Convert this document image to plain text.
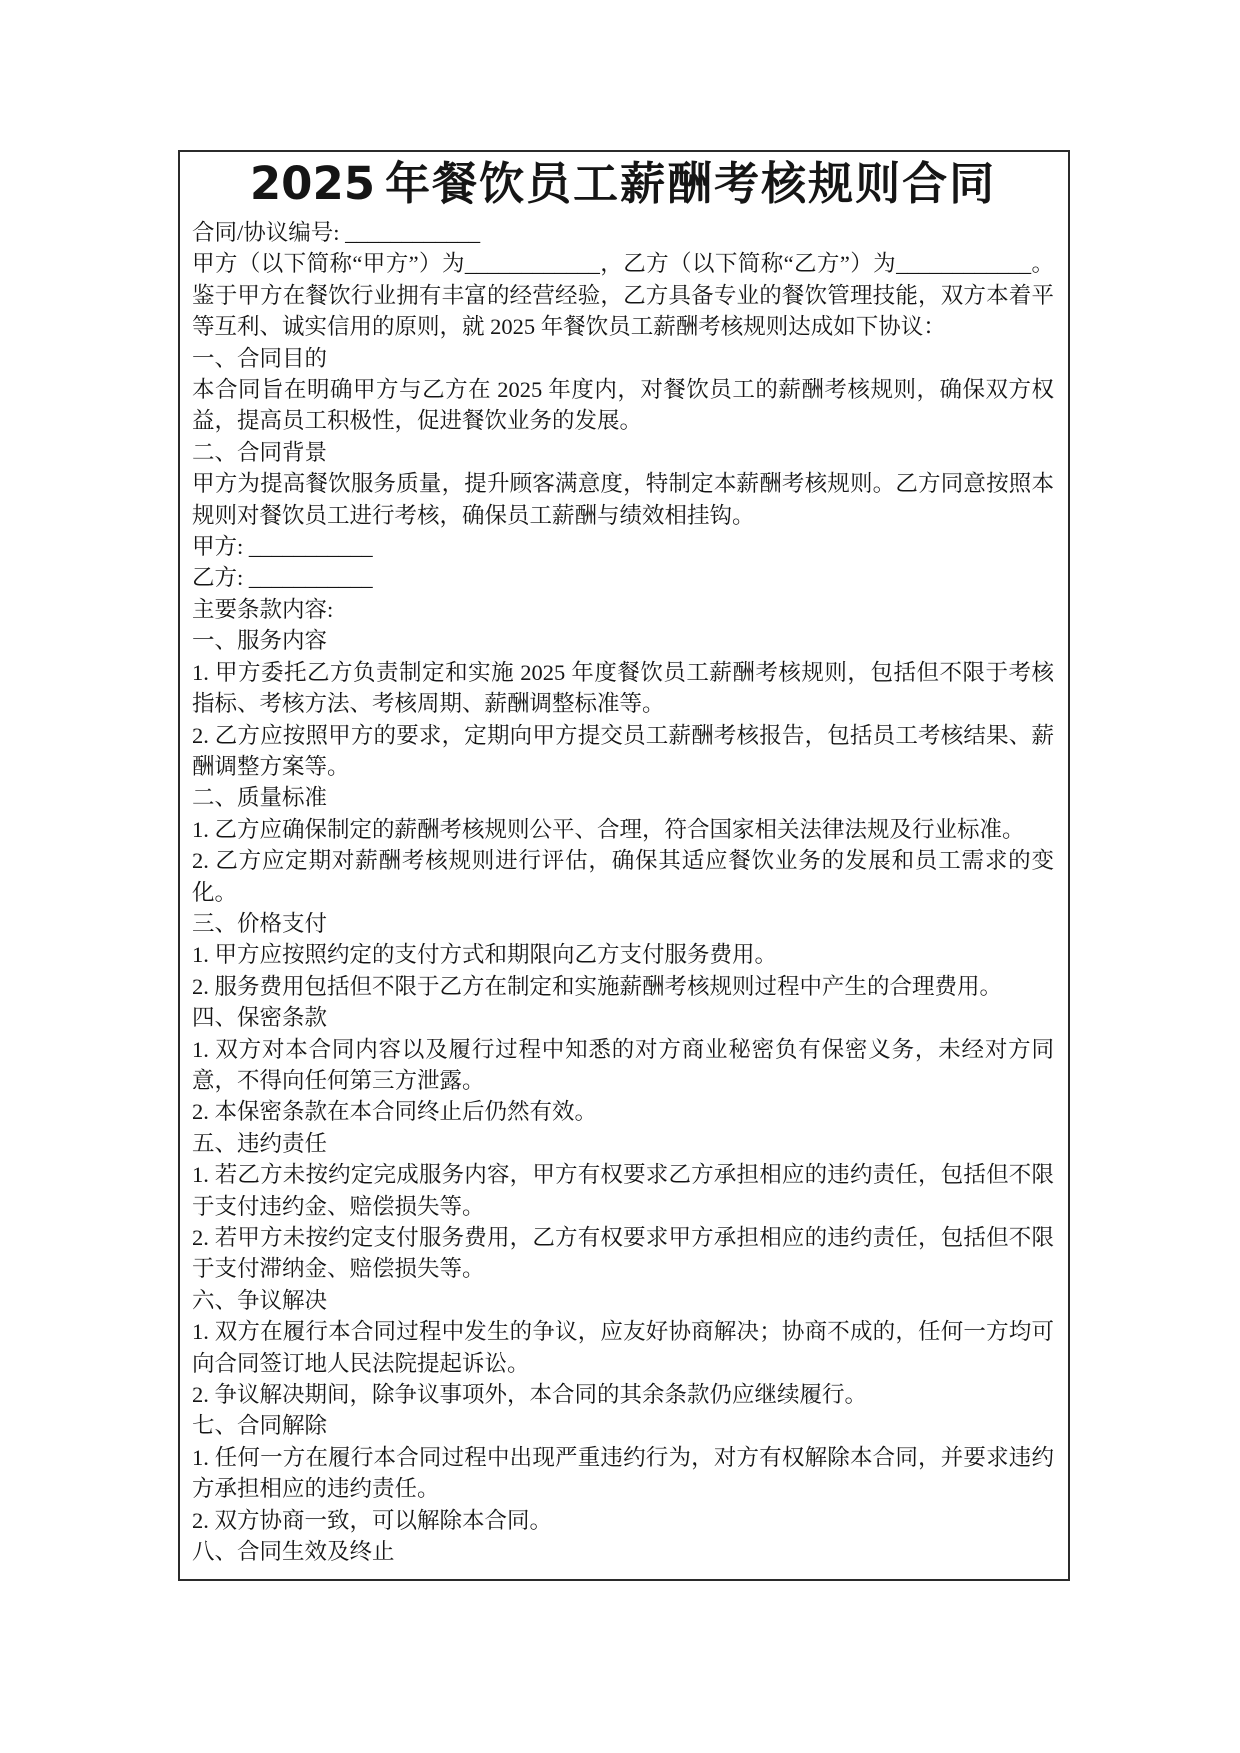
2025 年餐饮员工薪酬考核规则合同

合同/协议编号: ____________

甲方（以下简称“甲方”）为____________，乙方（以下简称“乙方”）为____________。鉴于甲方在餐饮行业拥有丰富的经营经验，乙方具备专业的餐饮管理技能，双方本着平等互利、诚实信用的原则，就 2025 年餐饮员工薪酬考核规则达成如下协议：

一、合同目的

本合同旨在明确甲方与乙方在 2025 年度内，对餐饮员工的薪酬考核规则，确保双方权益，提高员工积极性，促进餐饮业务的发展。

二、合同背景

甲方为提高餐饮服务质量，提升顾客满意度，特制定本薪酬考核规则。乙方同意按照本规则对餐饮员工进行考核，确保员工薪酬与绩效相挂钩。

甲方: ___________

乙方: ___________

主要条款内容:

一、服务内容

1. 甲方委托乙方负责制定和实施 2025 年度餐饮员工薪酬考核规则，包括但不限于考核指标、考核方法、考核周期、薪酬调整标准等。

2. 乙方应按照甲方的要求，定期向甲方提交员工薪酬考核报告，包括员工考核结果、薪酬调整方案等。

二、质量标准

1. 乙方应确保制定的薪酬考核规则公平、合理，符合国家相关法律法规及行业标准。

2. 乙方应定期对薪酬考核规则进行评估，确保其适应餐饮业务的发展和员工需求的变化。

三、价格支付

1. 甲方应按照约定的支付方式和期限向乙方支付服务费用。

2. 服务费用包括但不限于乙方在制定和实施薪酬考核规则过程中产生的合理费用。

四、保密条款

1. 双方对本合同内容以及履行过程中知悉的对方商业秘密负有保密义务，未经对方同意，不得向任何第三方泄露。

2. 本保密条款在本合同终止后仍然有效。

五、违约责任

1. 若乙方未按约定完成服务内容，甲方有权要求乙方承担相应的违约责任，包括但不限于支付违约金、赔偿损失等。

2. 若甲方未按约定支付服务费用，乙方有权要求甲方承担相应的违约责任，包括但不限于支付滞纳金、赔偿损失等。

六、争议解决

1. 双方在履行本合同过程中发生的争议，应友好协商解决；协商不成的，任何一方均可向合同签订地人民法院提起诉讼。

2. 争议解决期间，除争议事项外，本合同的其余条款仍应继续履行。

七、合同解除

1. 任何一方在履行本合同过程中出现严重违约行为，对方有权解除本合同，并要求违约方承担相应的违约责任。

2. 双方协商一致，可以解除本合同。

八、合同生效及终止
